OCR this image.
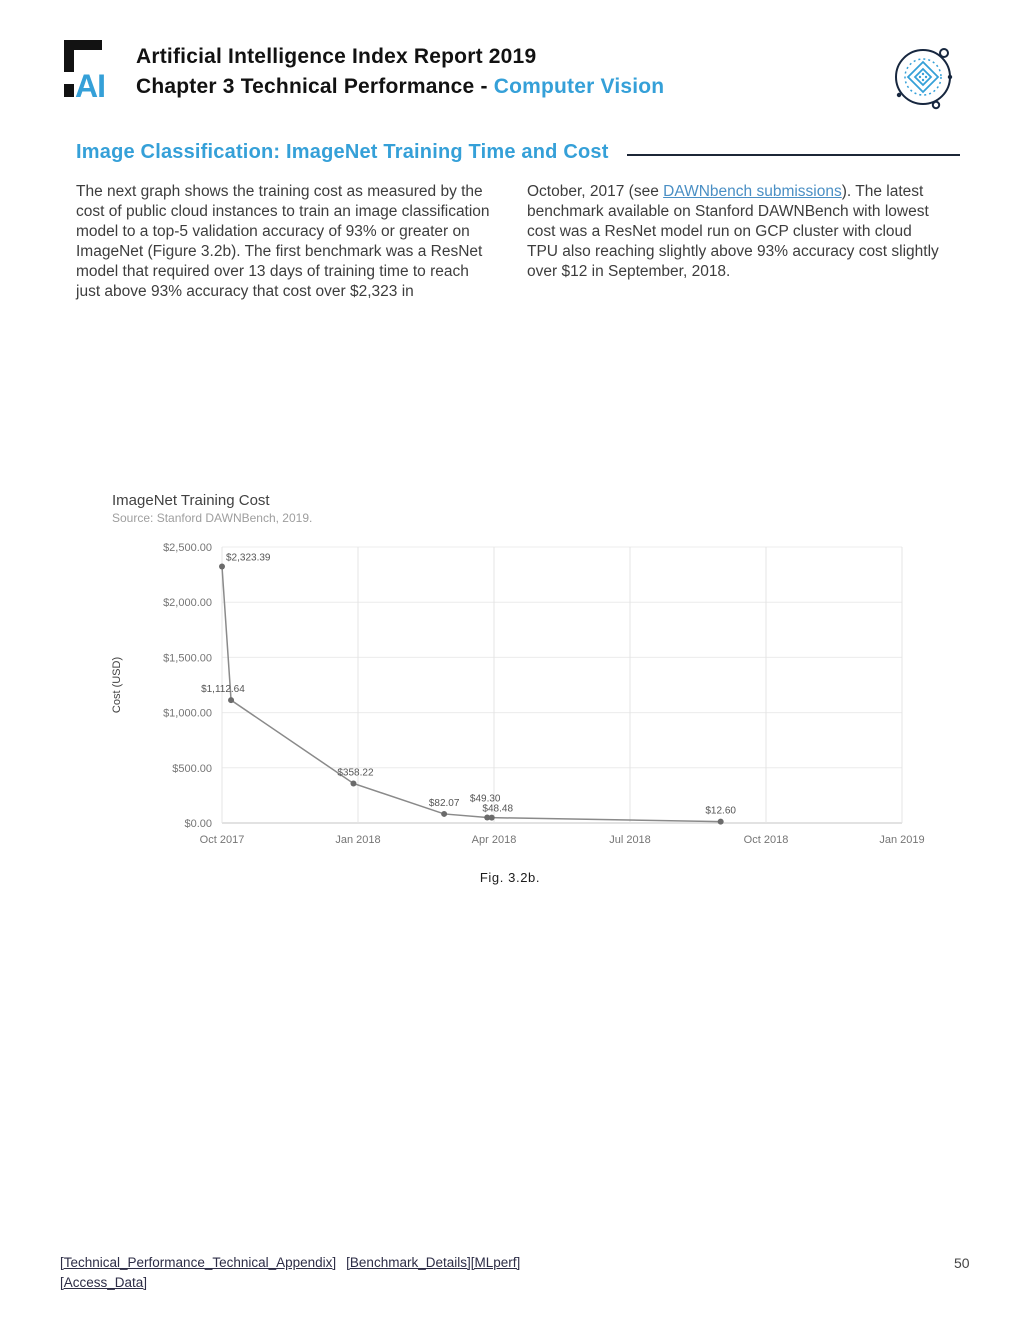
AI
Artificial Intelligence Index Report 2019
Chapter 3 Technical Performance - Computer Vision
Image Classification: ImageNet Training Time and Cost
The next graph shows the training cost as measured by the cost of public cloud instances to train an image classification model to a top-5 validation accuracy of 93% or greater on ImageNet (Figure 3.2b). The first benchmark was a ResNet model that required over 13 days of training time to reach just above 93% accuracy that cost over $2,323 in
October, 2017 (see DAWNbench submissions). The latest benchmark available on Stanford DAWNBench with lowest cost was a ResNet model run on GCP cluster with cloud TPU also reaching slightly above 93% accuracy cost slightly over $12 in September, 2018.
ImageNet Training Cost
Source: Stanford DAWNBench, 2019.
$0.00
$500.00
$1,000.00
$1,500.00
$2,000.00
$2,500.00
Oct 2017	Jan 2018	Apr 2018	Jul 2018	Oct 2018	Jan 2019
$2,323.39
$1,112.64
$358.22
$82.07 $49.30
$48.48	$12.60
Cost (USD)
Fig. 3.2b.
[Technical_Performance_Technical_Appendix] [Benchmark_Details][MLperf]
[Access_Data]
50
